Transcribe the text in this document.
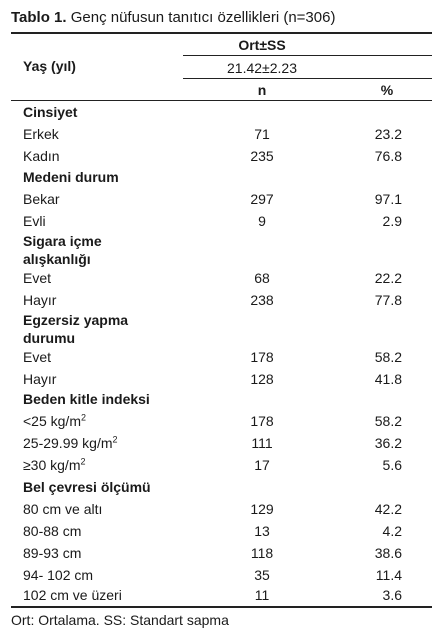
Tablo 1. Genç nüfusun tanıtıcı özellikleri (n=306)
Yaş (yıl)
Ort±SS
21.42±2.23
n	%
Cinsiyet
Erkek	71	23.2
Kadın	235	76.8
Medeni durum
Bekar	297	97.1
Evli	9	2.9
Sigara içme
alışkanlığı
Evet	68	22.2
Hayır	238	77.8
Egzersiz yapma
durumu
Evet	178	58.2
Hayır	128	41.8
Beden kitle indeksi
<25 $kg/m^2$	178	58.2
25-29.99 $kg/m^2$	111	36.2
≥30 $kg/m^2$	17	5.6
Bel çevresi ölçümü
80 cm ve altı	129	42.2
80-88 cm	13	4.2
89-93 cm	118	38.6
94- 102 cm	35	11.4
102 cm ve üzeri	11	3.6
Ort: Ortalama. SS: Standart sapma
